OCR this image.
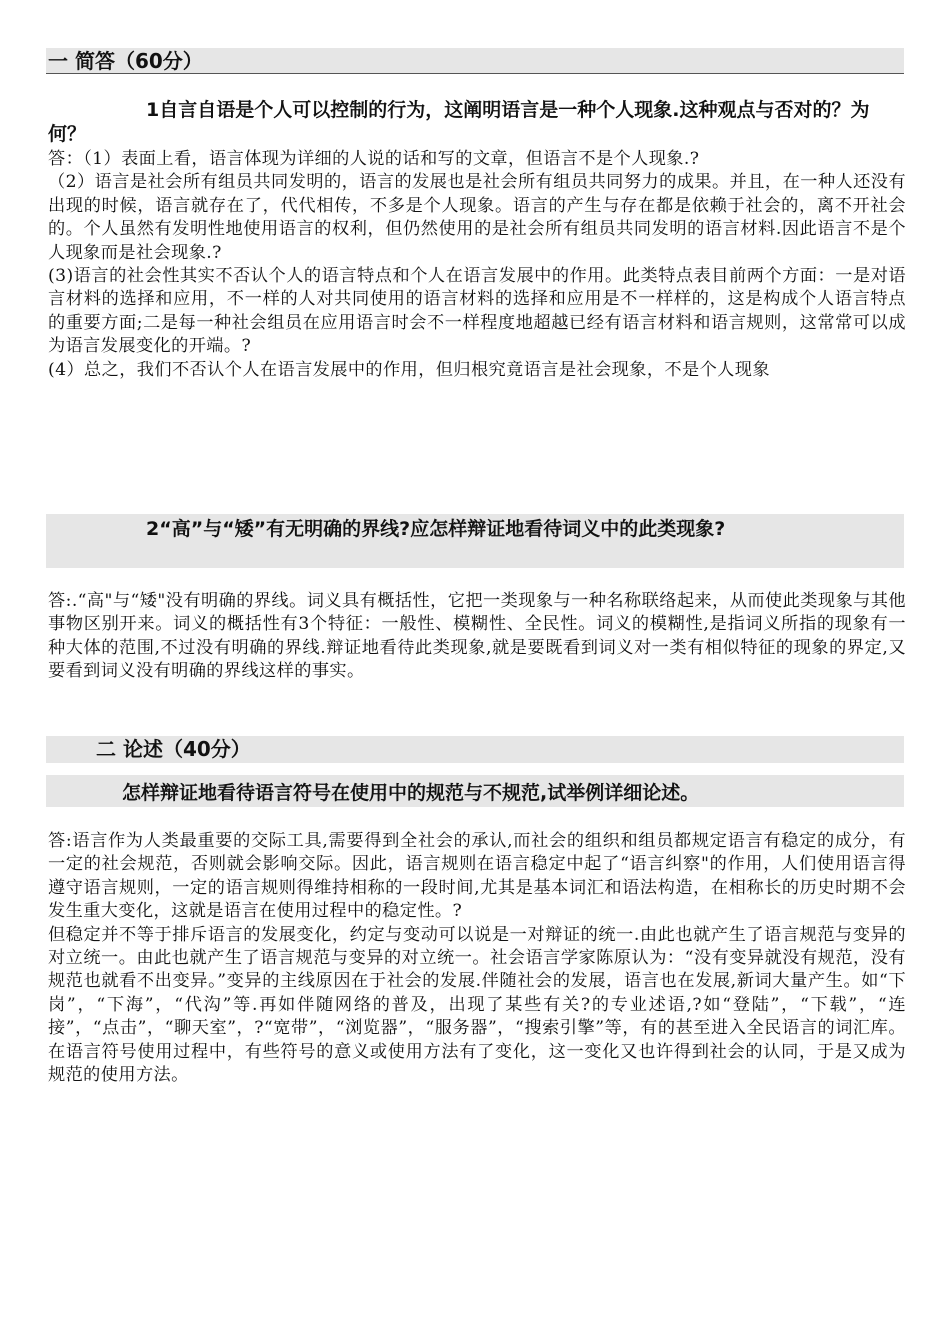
一 简答（60分）
1自言自语是个人可以控制的行为，这阐明语言是一种个人现象.这种观点与否对的？为何？

答：（1）表面上看，语言体现为详细的人说的话和写的文章，但语言不是个人现象.?

（2）语言是社会所有组员共同发明的，语言的发展也是社会所有组员共同努力的成果。并且，在一种人还没有出现的时候，语言就存在了，代代相传，不多是个人现象。语言的产生与存在都是依赖于社会的，离不开社会的。个人虽然有发明性地使用语言的权利，但仍然使用的是社会所有组员共同发明的语言材料.因此语言不是个人现象而是社会现象.?

(3)语言的社会性其实不否认个人的语言特点和个人在语言发展中的作用。此类特点表目前两个方面：一是对语言材料的选择和应用，不一样的人对共同使用的语言材料的选择和应用是不一样样的，这是构成个人语言特点的重要方面;二是每一种社会组员在应用语言时会不一样程度地超越已经有语言材料和语言规则，这常常可以成为语言发展变化的开端。?

(4）总之，我们不否认个人在语言发展中的作用，但归根究竟语言是社会现象，不是个人现象

2“高”与“矮”有无明确的界线?应怎样辩证地看待词义中的此类现象?

答:.“高"与“矮"没有明确的界线。词义具有概括性，它把一类现象与一种名称联络起来，从而使此类现象与其他事物区别开来。词义的概括性有3个特征：一般性、模糊性、全民性。词义的模糊性,是指词义所指的现象有一种大体的范围,不过没有明确的界线.辩证地看待此类现象,就是要既看到词义对一类有相似特征的现象的界定,又要看到词义没有明确的界线这样的事实。

二 论述（40分）
怎样辩证地看待语言符号在使用中的规范与不规范,试举例详细论述。

答:语言作为人类最重要的交际工具,需要得到全社会的承认,而社会的组织和组员都规定语言有稳定的成分，有一定的社会规范，否则就会影响交际。因此，语言规则在语言稳定中起了“语言纠察"的作用，人们使用语言得遵守语言规则，一定的语言规则得维持相称的一段时间,尤其是基本词汇和语法构造，在相称长的历史时期不会发生重大变化，这就是语言在使用过程中的稳定性。?

但稳定并不等于排斥语言的发展变化，约定与变动可以说是一对辩证的统一.由此也就产生了语言规范与变异的对立统一。由此也就产生了语言规范与变异的对立统一。社会语言学家陈原认为：“没有变异就没有规范，没有规范也就看不出变异。”变异的主线原因在于社会的发展.伴随社会的发展，语言也在发展,新词大量产生。如“下岗”，“下海”，“代沟”等.再如伴随网络的普及，出现了某些有关?的专业述语,?如“登陆”，“下载”，“连接”，“点击”，“聊天室”，?“宽带”，“浏览器”，“服务器”，“搜索引擎”等，有的甚至进入全民语言的词汇库。在语言符号使用过程中，有些符号的意义或使用方法有了变化，这一变化又也许得到社会的认同，于是又成为规范的使用方法。
